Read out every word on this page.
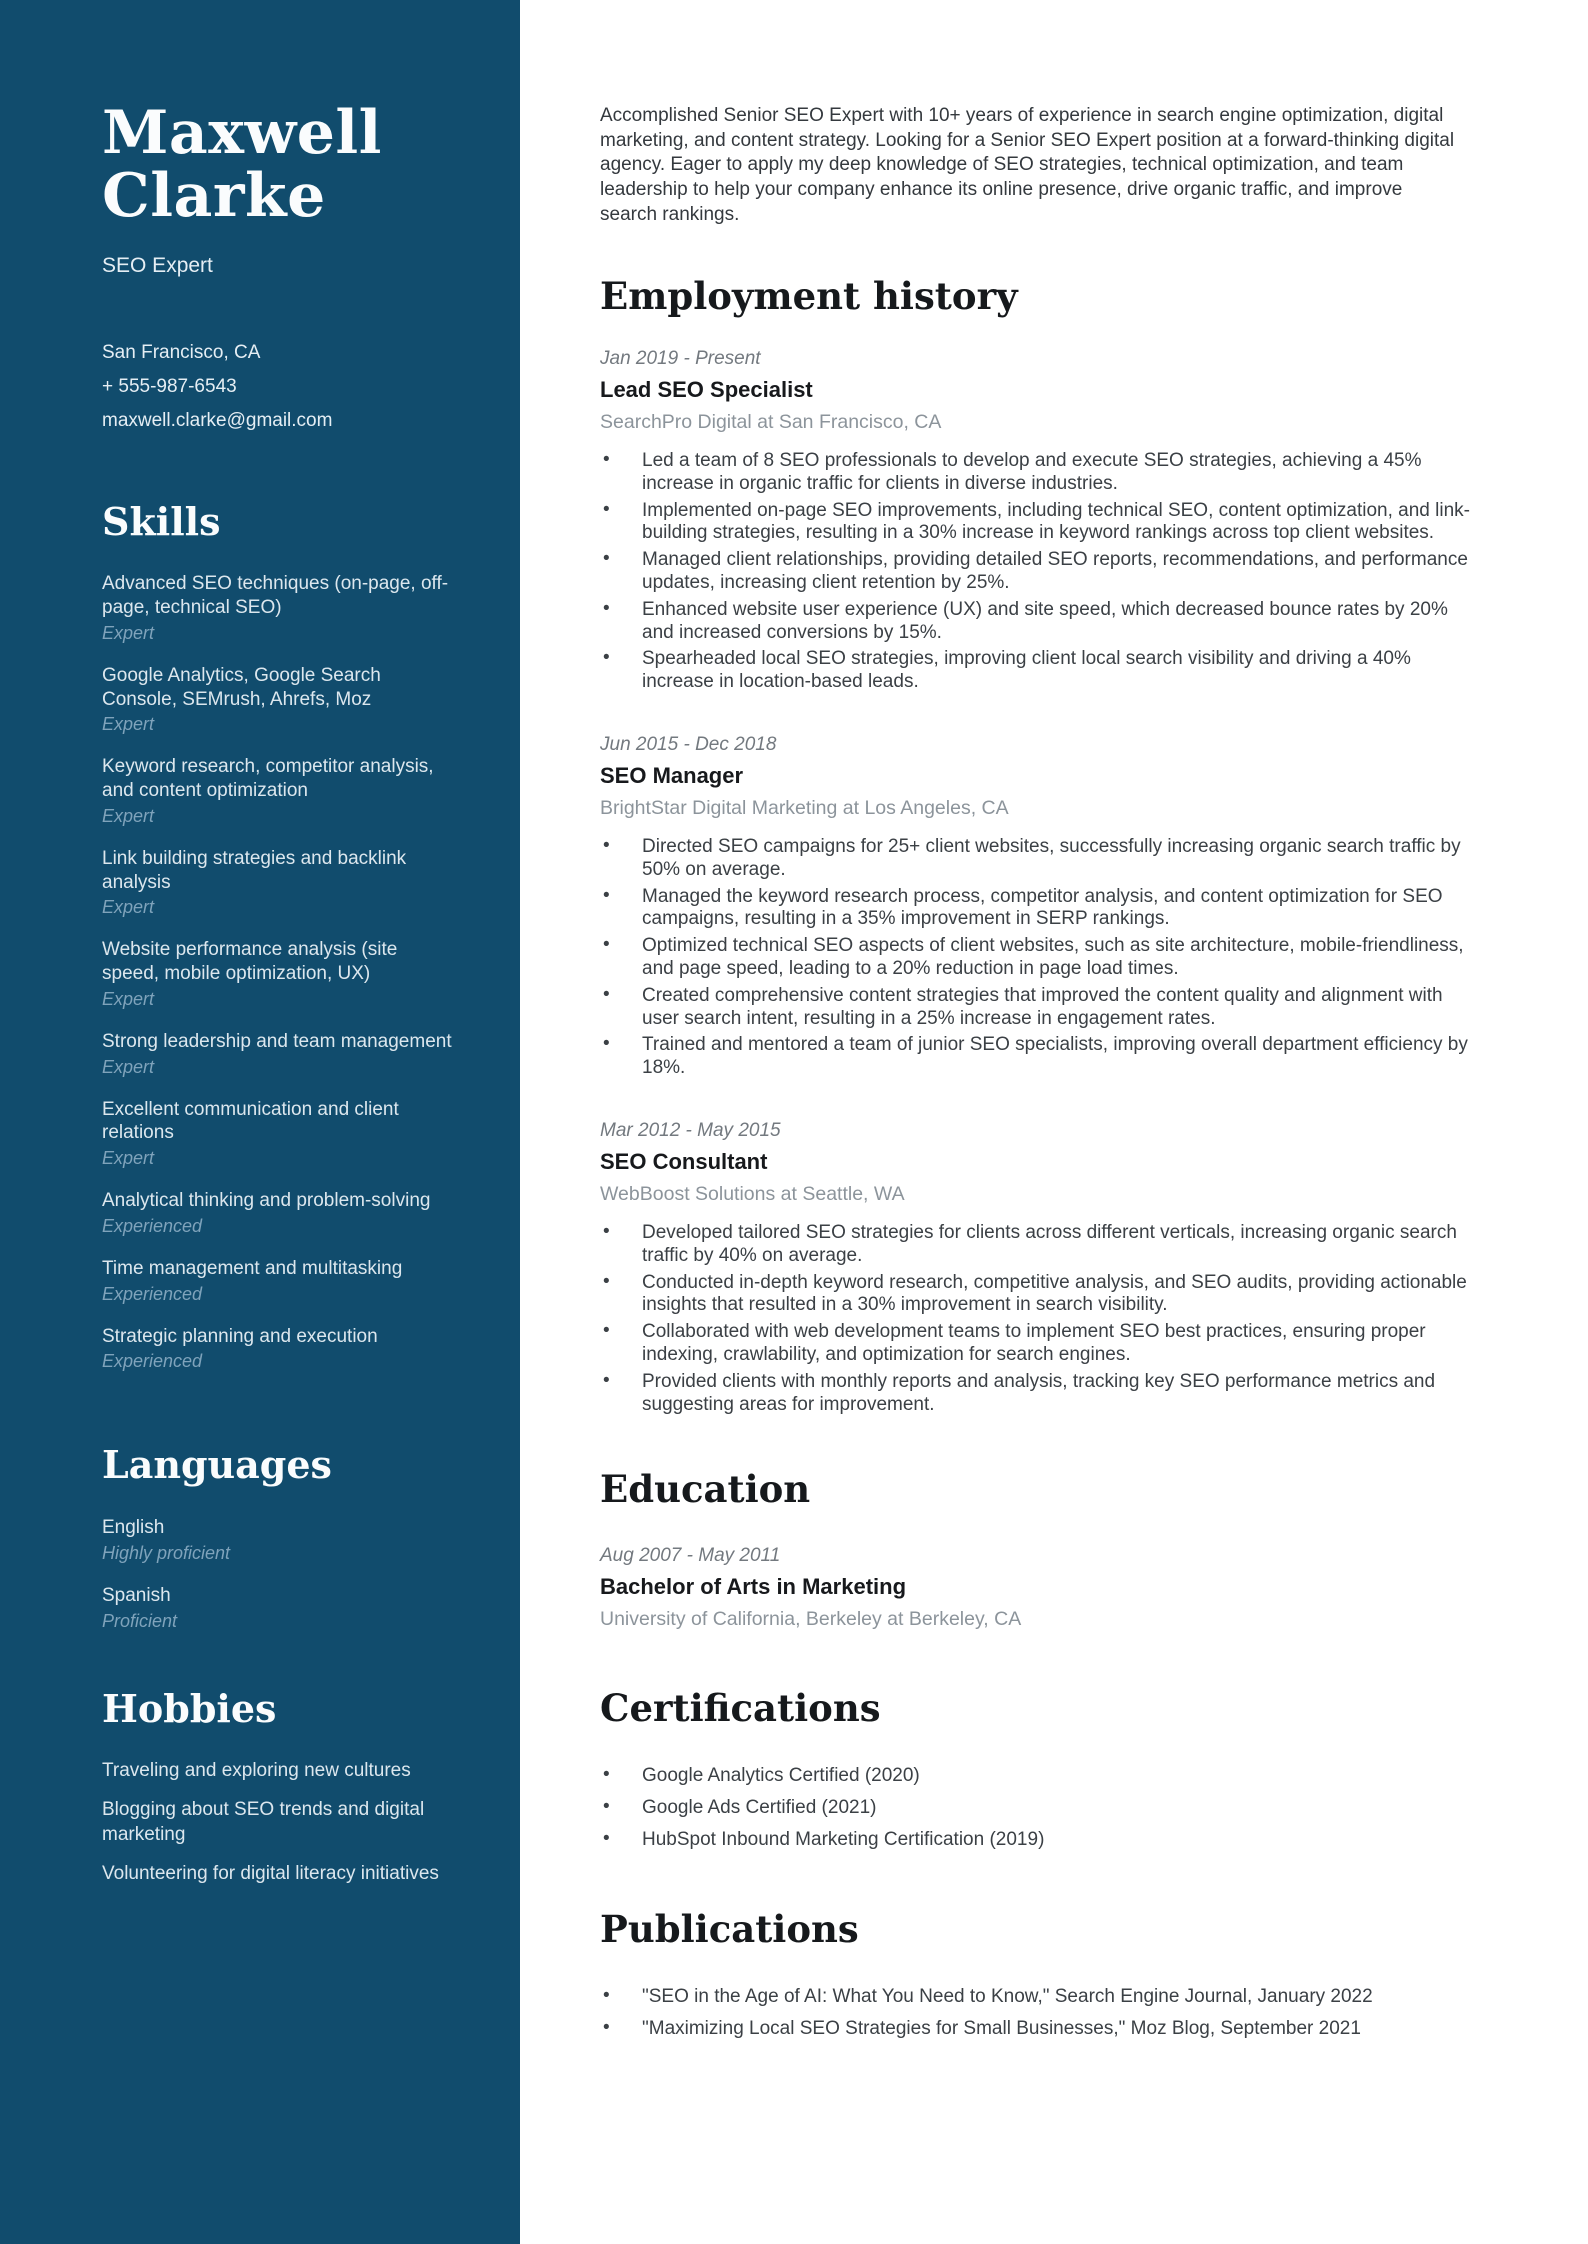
Maxwell
Clarke
SEO Expert
San Francisco, CA
+ 555-987-6543
maxwell.clarke@gmail.com
Skills
Advanced SEO techniques (on-page, off-page, technical SEO)
Expert
Google Analytics, Google Search Console, SEMrush, Ahrefs, Moz
Expert
Keyword research, competitor analysis, and content optimization
Expert
Link building strategies and backlink analysis
Expert
Website performance analysis (site speed, mobile optimization, UX)
Expert
Strong leadership and team management
Expert
Excellent communication and client relations
Expert
Analytical thinking and problem-solving
Experienced
Time management and multitasking
Experienced
Strategic planning and execution
Experienced
Languages
English
Highly proficient
Spanish
Proficient
Hobbies
Traveling and exploring new cultures
Blogging about SEO trends and digital marketing
Volunteering for digital literacy initiatives

Accomplished Senior SEO Expert with 10+ years of experience in search engine optimization, digital marketing, and content strategy. Looking for a Senior SEO Expert position at a forward-thinking digital agency. Eager to apply my deep knowledge of SEO strategies, technical optimization, and team leadership to help your company enhance its online presence, drive organic traffic, and improve search rankings.

Employment history
Jan 2019 - Present
Lead SEO Specialist
SearchPro Digital at San Francisco, CA
• Led a team of 8 SEO professionals to develop and execute SEO strategies, achieving a 45% increase in organic traffic for clients in diverse industries.
• Implemented on-page SEO improvements, including technical SEO, content optimization, and link-building strategies, resulting in a 30% increase in keyword rankings across top client websites.
• Managed client relationships, providing detailed SEO reports, recommendations, and performance updates, increasing client retention by 25%.
• Enhanced website user experience (UX) and site speed, which decreased bounce rates by 20% and increased conversions by 15%.
• Spearheaded local SEO strategies, improving client local search visibility and driving a 40% increase in location-based leads.
Jun 2015 - Dec 2018
SEO Manager
BrightStar Digital Marketing at Los Angeles, CA
• Directed SEO campaigns for 25+ client websites, successfully increasing organic search traffic by 50% on average.
• Managed the keyword research process, competitor analysis, and content optimization for SEO campaigns, resulting in a 35% improvement in SERP rankings.
• Optimized technical SEO aspects of client websites, such as site architecture, mobile-friendliness, and page speed, leading to a 20% reduction in page load times.
• Created comprehensive content strategies that improved the content quality and alignment with user search intent, resulting in a 25% increase in engagement rates.
• Trained and mentored a team of junior SEO specialists, improving overall department efficiency by 18%.
Mar 2012 - May 2015
SEO Consultant
WebBoost Solutions at Seattle, WA
• Developed tailored SEO strategies for clients across different verticals, increasing organic search traffic by 40% on average.
• Conducted in-depth keyword research, competitive analysis, and SEO audits, providing actionable insights that resulted in a 30% improvement in search visibility.
• Collaborated with web development teams to implement SEO best practices, ensuring proper indexing, crawlability, and optimization for search engines.
• Provided clients with monthly reports and analysis, tracking key SEO performance metrics and suggesting areas for improvement.
Education
Aug 2007 - May 2011
Bachelor of Arts in Marketing
University of California, Berkeley at Berkeley, CA
Certifications
• Google Analytics Certified (2020)
• Google Ads Certified (2021)
• HubSpot Inbound Marketing Certification (2019)
Publications
• "SEO in the Age of AI: What You Need to Know," Search Engine Journal, January 2022
• "Maximizing Local SEO Strategies for Small Businesses," Moz Blog, September 2021
